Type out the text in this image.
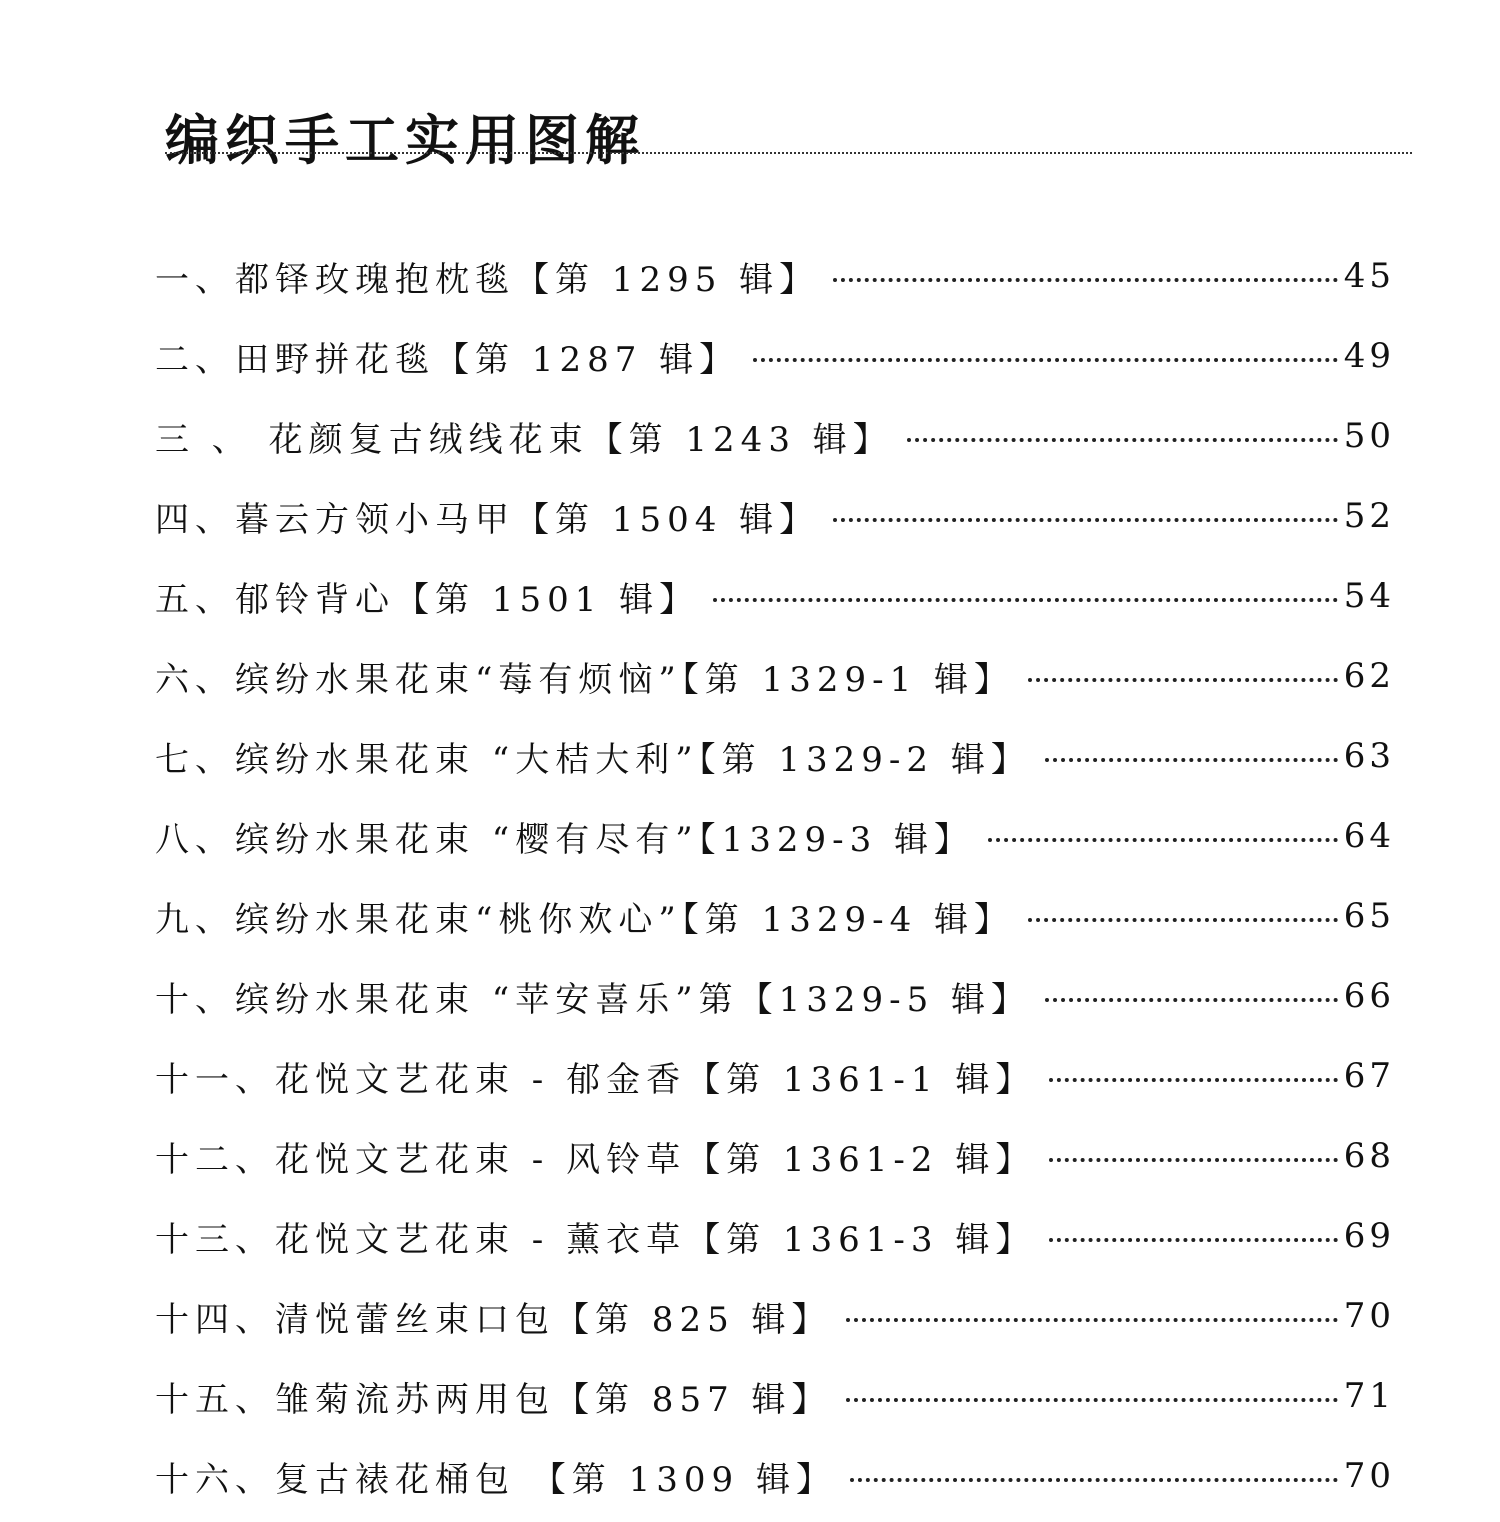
编织手工实用图解
一、都铎玫瑰抱枕毯【第 1295 辑】	45
二、田野拼花毯【第 1287 辑】	49
三 、 花颜复古绒线花束【第 1243 辑】	50
四、暮云方领小马甲【第 1504 辑】	52
五、郁铃背心【第 1501 辑】	54
六、缤纷水果花束“莓有烦恼”【第 1329-1 辑】	62
七、缤纷水果花束 “大桔大利”【第 1329-2 辑】	63
八、缤纷水果花束 “樱有尽有”【1329-3 辑】	64
九、缤纷水果花束“桃你欢心”【第 1329-4 辑】	65
十、缤纷水果花束 “苹安喜乐”第【1329-5 辑】	66
十一、花悦文艺花束 - 郁金香【第 1361-1 辑】	67
十二、花悦文艺花束 - 风铃草【第 1361-2 辑】	68
十三、花悦文艺花束 - 薰衣草【第 1361-3 辑】	69
十四、清悦蕾丝束口包【第 825 辑】	70
十五、雏菊流苏两用包【第 857 辑】	71
十六、复古裱花桶包 【第 1309 辑】	70
